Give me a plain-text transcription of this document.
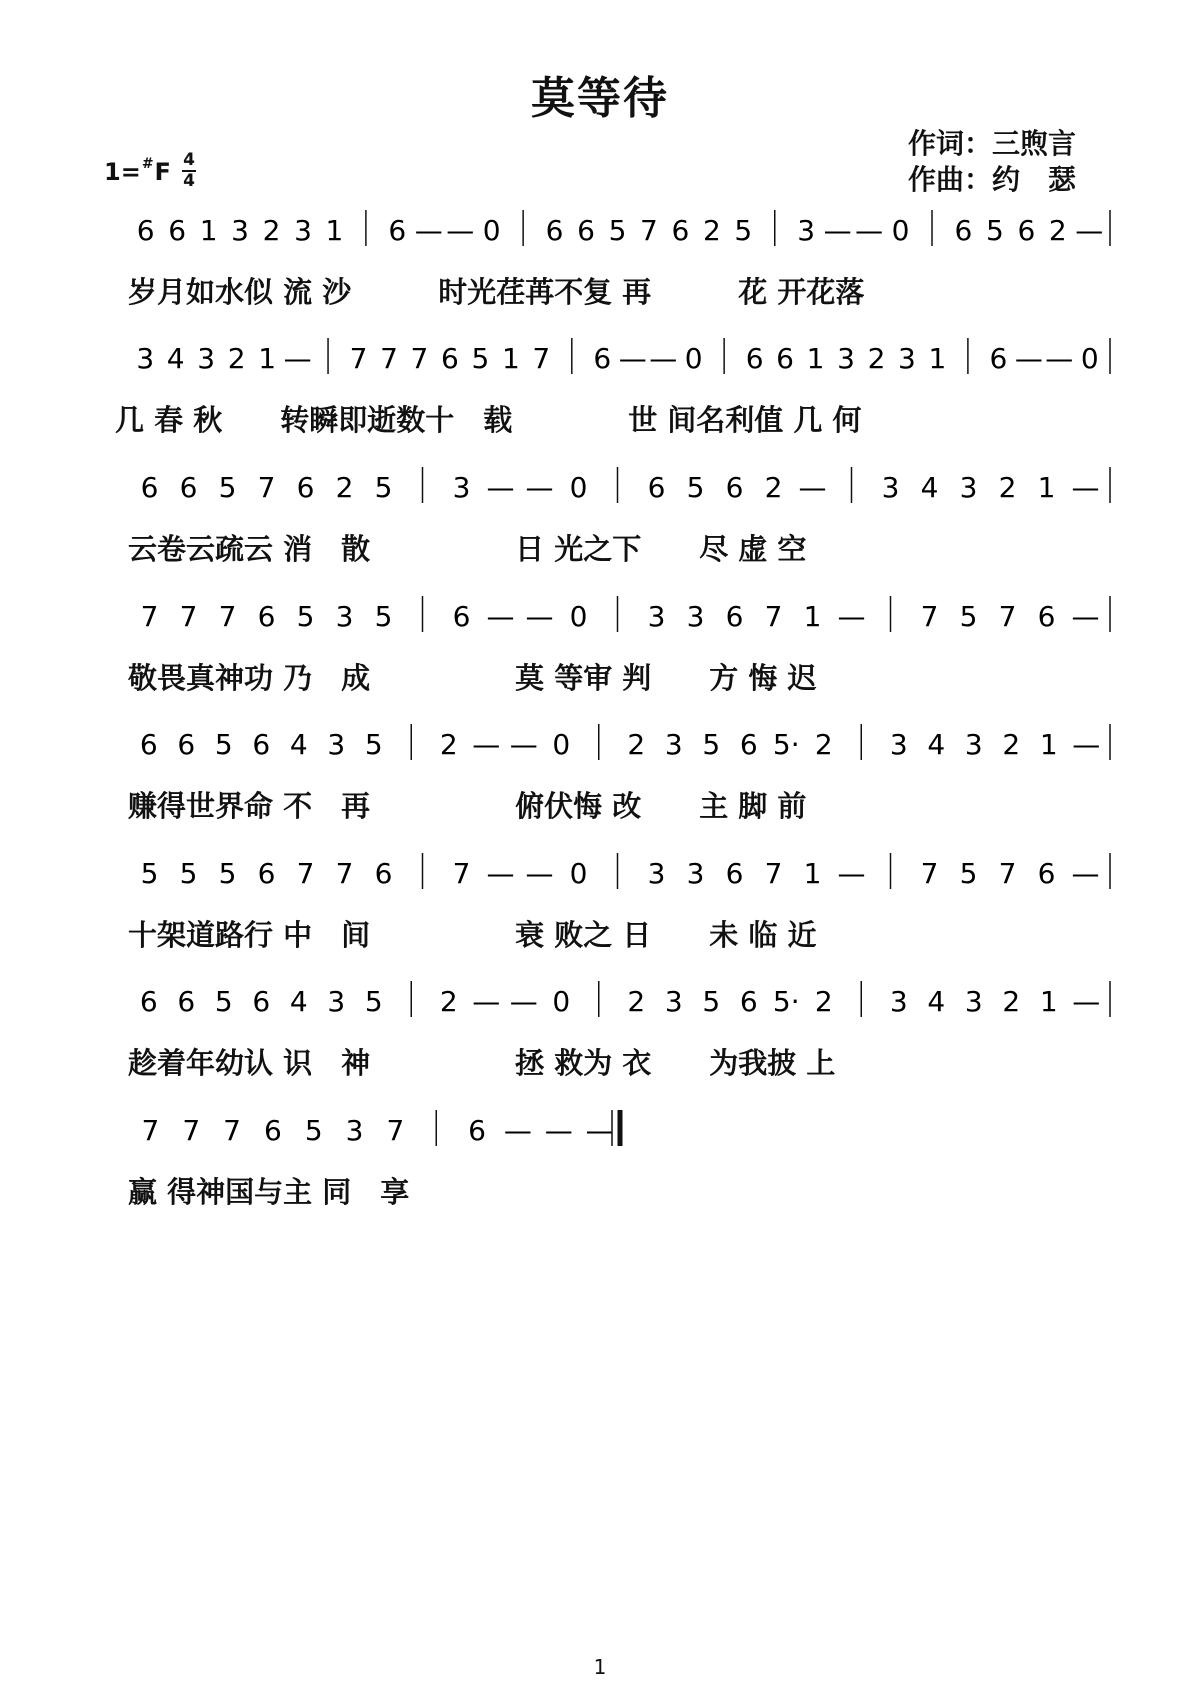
莫等待
作词：三煦言
作曲：约　瑟
1=#F 4
4
6 6 1 3 2 3 1 6 — — 0 6 6 5 7 6 2 5 3 — — 0 6 5 6 2 —
3 4 3 2 1 — 7 7 7 6 5 1 7 6 — — 0 6 6 1 3 2 3 1 6 — — 0
6 6 5 7 6 2 5 3 — — 0 6 5 6 2 — 3 4 3 2 1 —
7 7 7 6 5 3 5 6 — — 0 3 3 6 7 1 — 7 5 7 6 —
6 6 5 6 4 3 5 2 — — 0 2 3 5 6 5· 2 3 4 3 2 1 —
5 5 5 6 7 7 6 7 — — 0 3 3 6 7 1 — 7 5 7 6 —
6 6 5 6 4 3 5 2 — — 0 2 3 5 6 5· 2 3 4 3 2 1 —
7 7 7 6 5 3 7 6 — — —
岁月如水似 流 沙　　　时光荏苒不复 再　　　花 开花落
几 春 秋　　转瞬即逝数十　载　　　　世 间名利值 几 何
云卷云疏云 消　散　　　　　日 光之下　　尽 虚 空
敬畏真神功 乃　成　　　　　莫 等审 判　　方 悔 迟
赚得世界命 不　再　　　　　俯伏悔 改　　主 脚 前
十架道路行 中　间　　　　　衰 败之 日　　未 临 近
趁着年幼认 识　神　　　　　拯 救为 衣　　为我披 上
赢 得神国与主 同　享
1
